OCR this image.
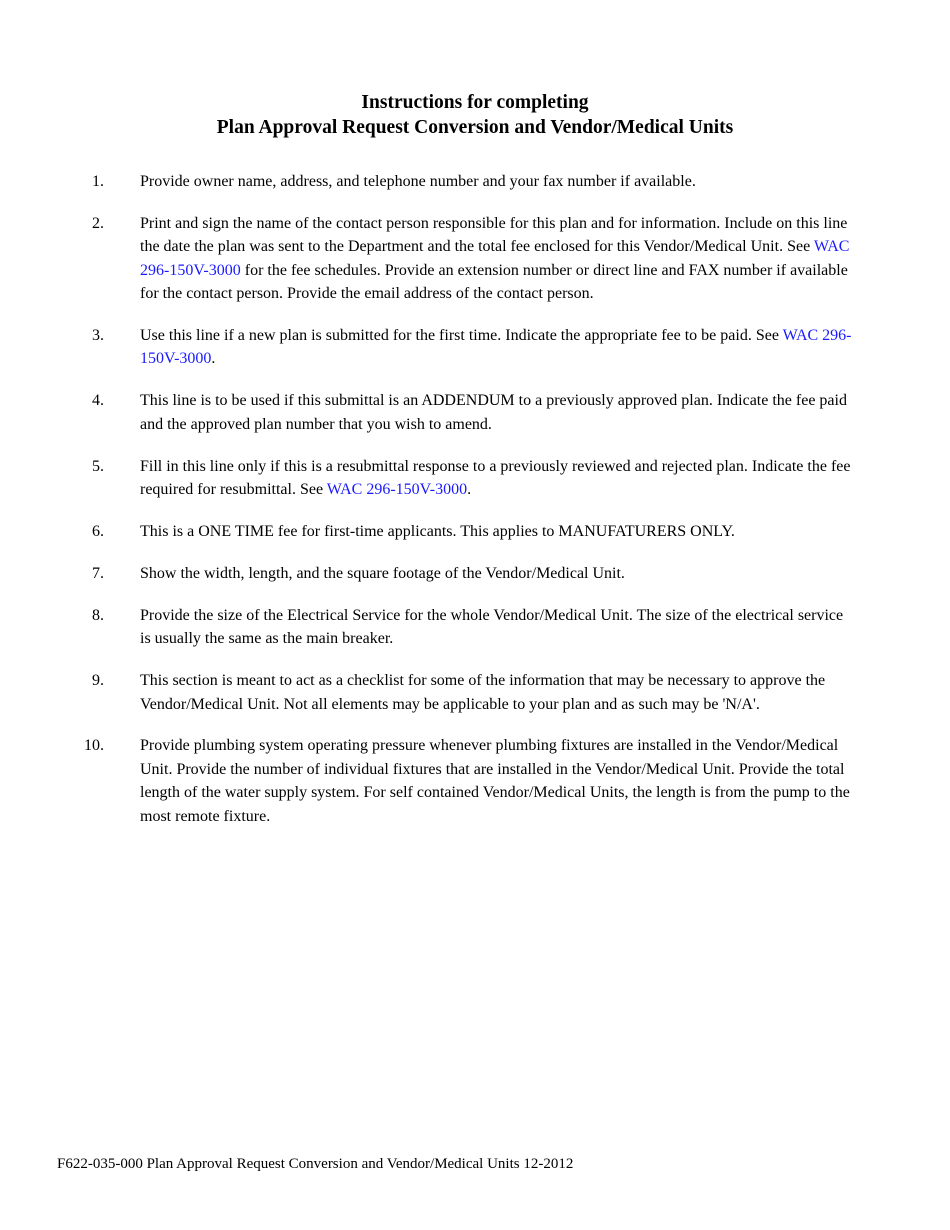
Instructions for completing
Plan Approval Request Conversion and Vendor/Medical Units
1. Provide owner name, address, and telephone number and your fax number if available.
2. Print and sign the name of the contact person responsible for this plan and for information. Include on this line the date the plan was sent to the Department and the total fee enclosed for this Vendor/Medical Unit. See WAC 296-150V-3000 for the fee schedules. Provide an extension number or direct line and FAX number if available for the contact person. Provide the email address of the contact person.
3. Use this line if a new plan is submitted for the first time. Indicate the appropriate fee to be paid. See WAC 296-150V-3000.
4. This line is to be used if this submittal is an ADDENDUM to a previously approved plan. Indicate the fee paid and the approved plan number that you wish to amend.
5. Fill in this line only if this is a resubmittal response to a previously reviewed and rejected plan. Indicate the fee required for resubmittal. See WAC 296-150V-3000.
6. This is a ONE TIME fee for first-time applicants. This applies to MANUFATURERS ONLY.
7. Show the width, length, and the square footage of the Vendor/Medical Unit.
8. Provide the size of the Electrical Service for the whole Vendor/Medical Unit. The size of the electrical service is usually the same as the main breaker.
9. This section is meant to act as a checklist for some of the information that may be necessary to approve the Vendor/Medical Unit. Not all elements may be applicable to your plan and as such may be 'N/A'.
10. Provide plumbing system operating pressure whenever plumbing fixtures are installed in the Vendor/Medical Unit. Provide the number of individual fixtures that are installed in the Vendor/Medical Unit. Provide the total length of the water supply system. For self contained Vendor/Medical Units, the length is from the pump to the most remote fixture.
F622-035-000 Plan Approval Request Conversion and Vendor/Medical Units 12-2012
